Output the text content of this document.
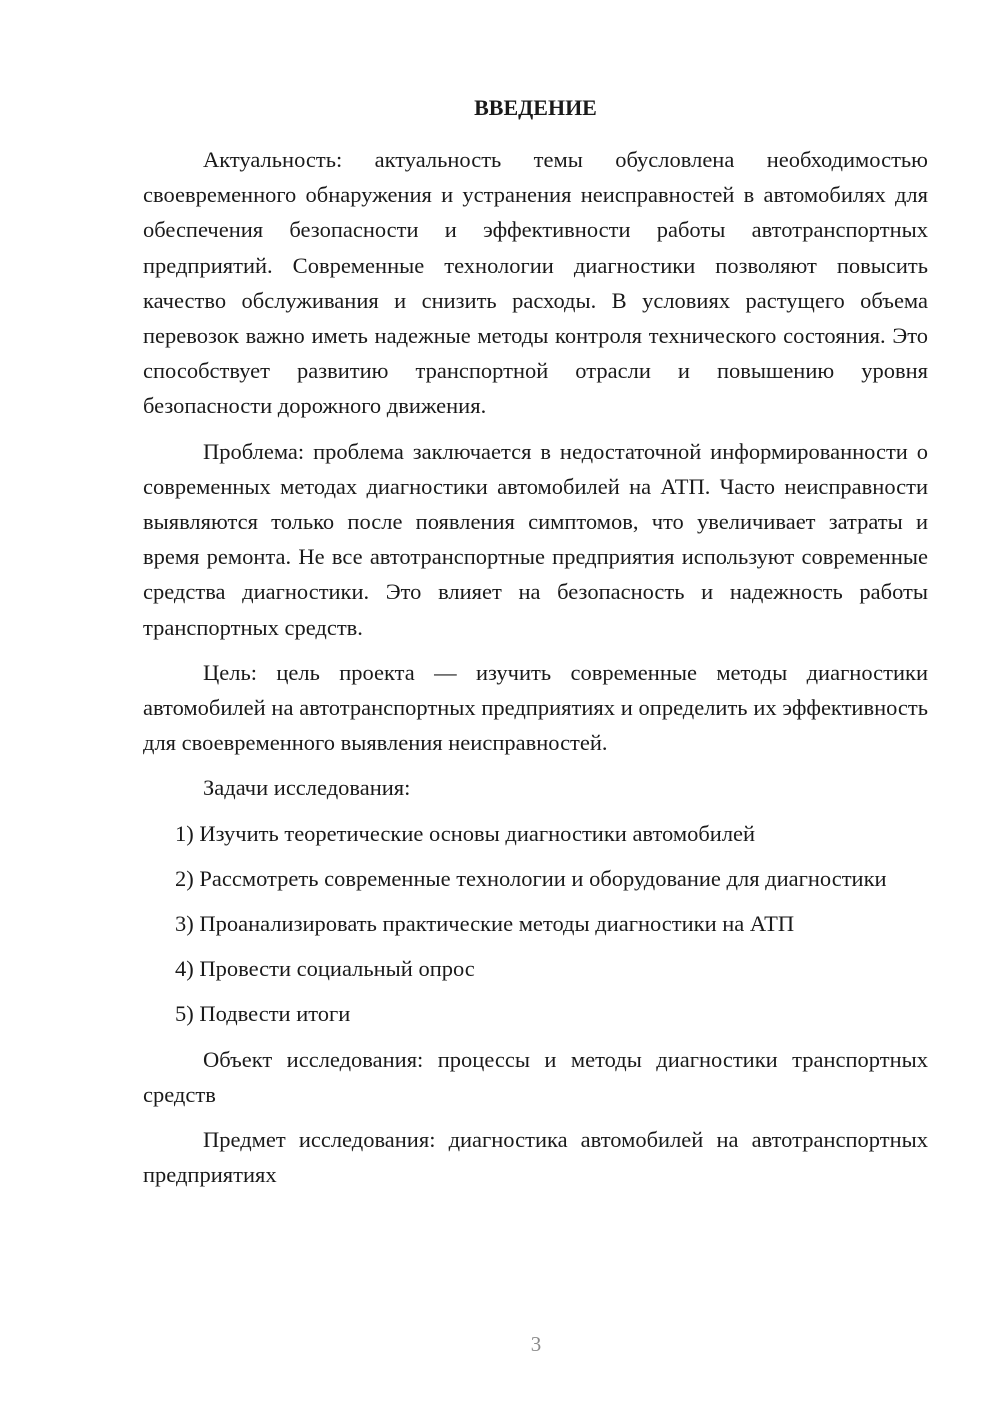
ВВЕДЕНИЕ

Актуальность: актуальность темы обусловлена необходимостью своевременного обнаружения и устранения неисправностей в автомобилях для обеспечения безопасности и эффективности работы автотранспортных предприятий. Современные технологии диагностики позволяют повысить качество обслуживания и снизить расходы. В условиях растущего объема перевозок важно иметь надежные методы контроля технического состояния. Это способствует развитию транспортной отрасли и повышению уровня безопасности дорожного движения.

Проблема: проблема заключается в недостаточной информированности о современных методах диагностики автомобилей на АТП. Часто неисправности выявляются только после появления симптомов, что увеличивает затраты и время ремонта. Не все автотранспортные предприятия используют современные средства диагностики. Это влияет на безопасность и надежность работы транспортных средств.

Цель: цель проекта — изучить современные методы диагностики автомобилей на автотранспортных предприятиях и определить их эффективность для своевременного выявления неисправностей.

Задачи исследования:

1) Изучить теоретические основы диагностики автомобилей

2) Рассмотреть современные технологии и оборудование для диагностики

3) Проанализировать практические методы диагностики на АТП

4) Провести социальный опрос

5) Подвести итоги

Объект исследования: процессы и методы диагностики транспортных средств

Предмет исследования: диагностика автомобилей на автотранспортных предприятиях

3
